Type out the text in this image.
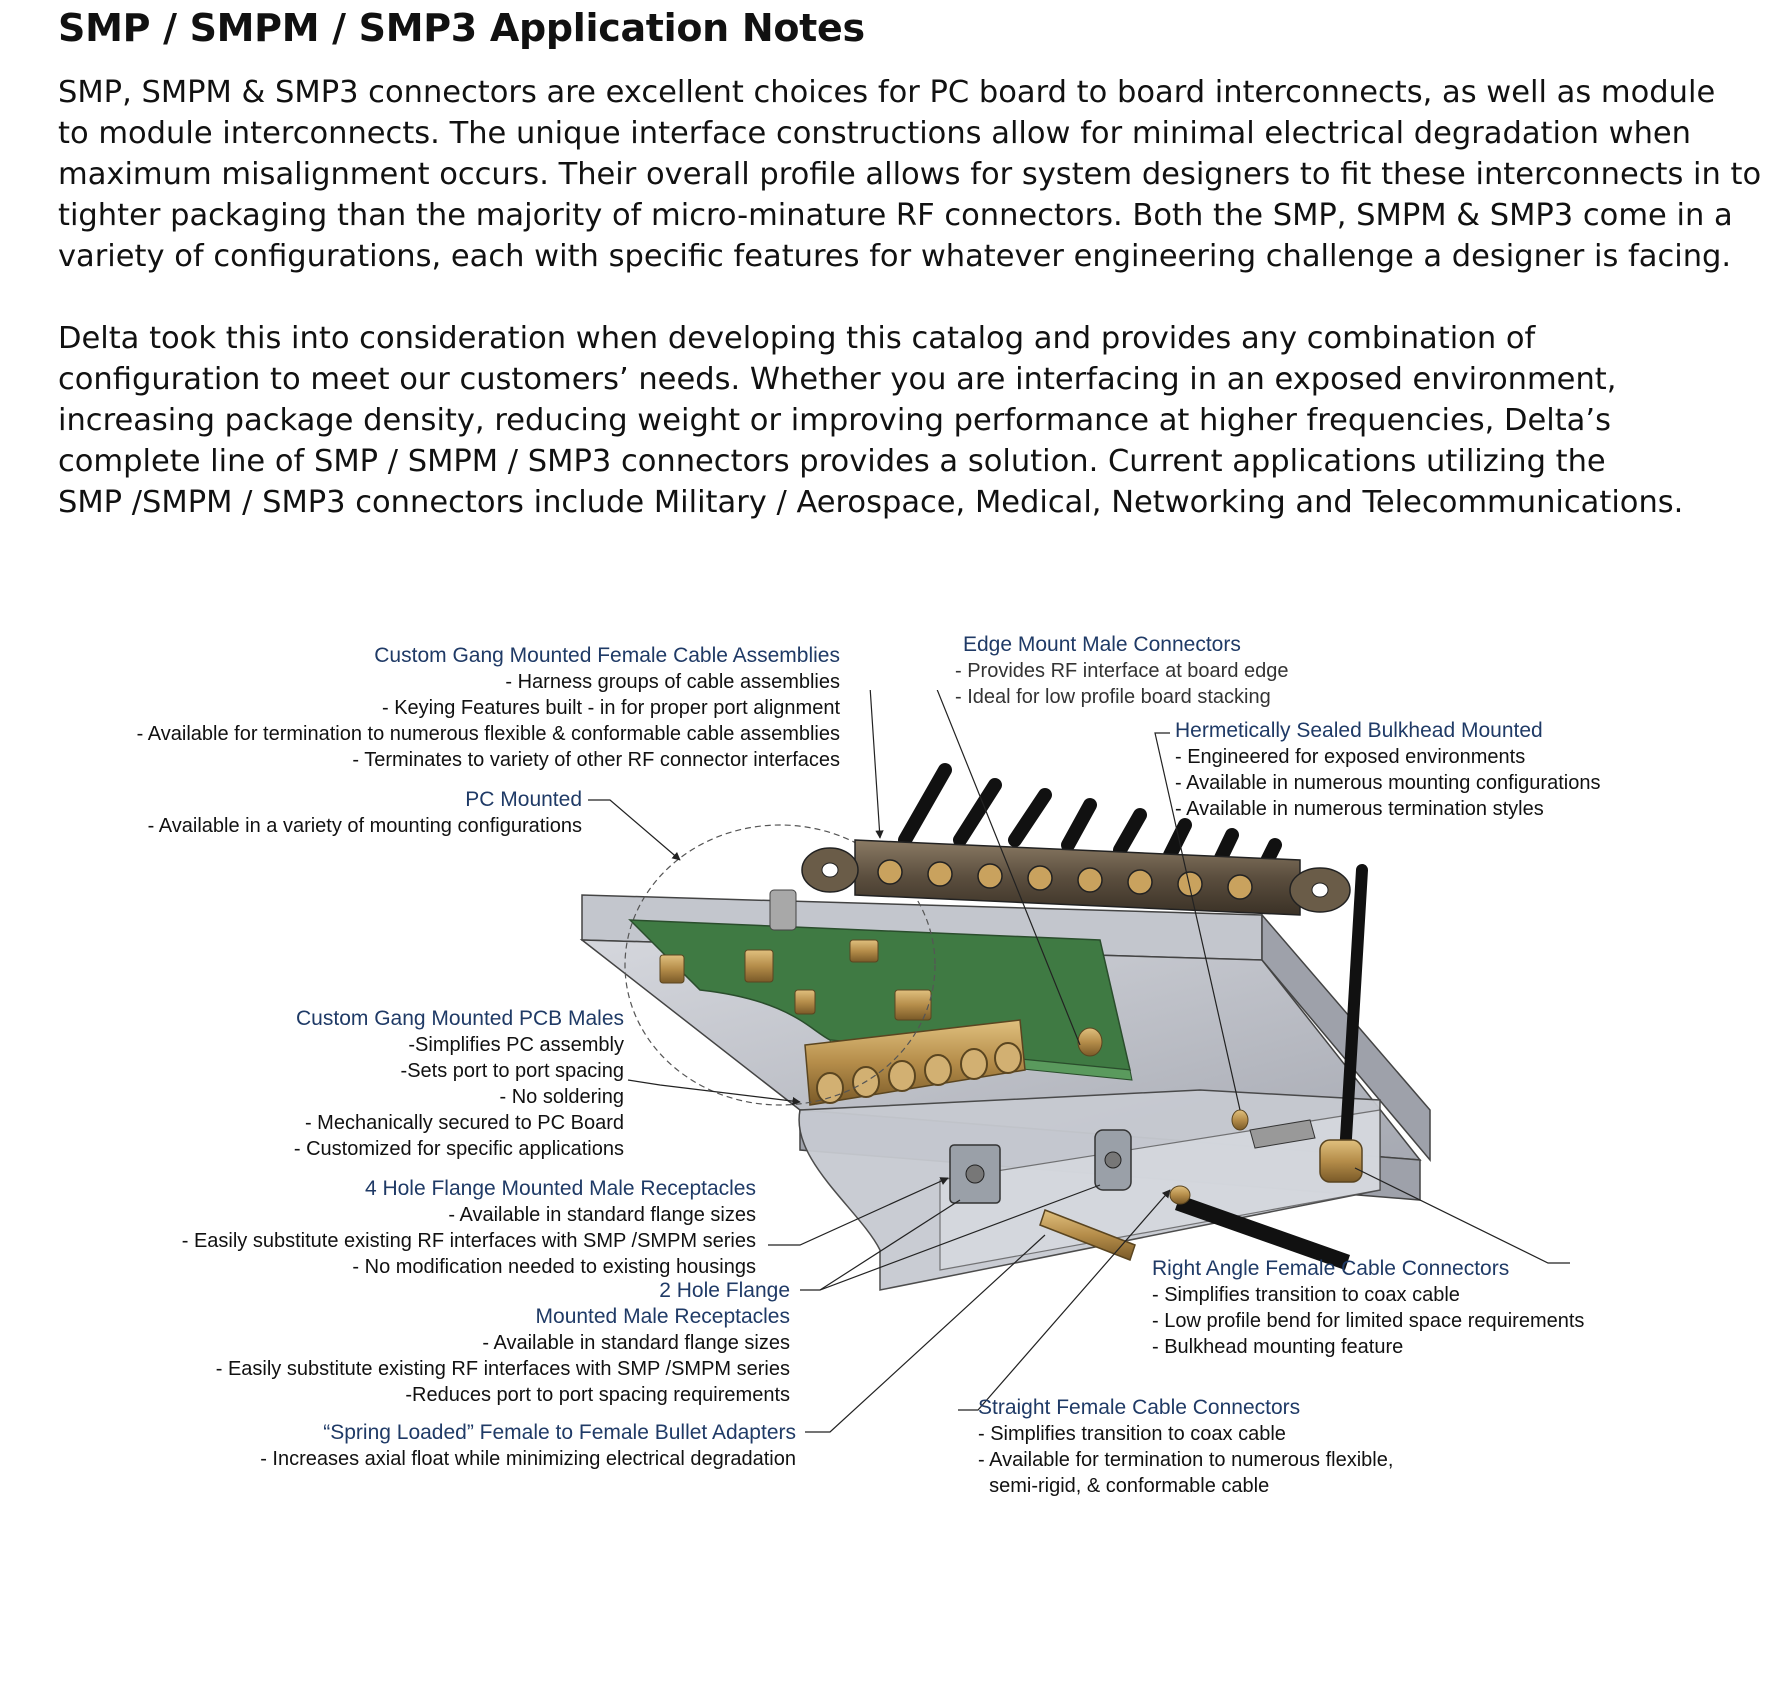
SMP / SMPM / SMP3 Application Notes
SMP, SMPM & SMP3 connectors are excellent choices for PC board to board interconnects, as well as module
to module interconnects. The unique interface constructions allow for minimal electrical degradation when
maximum misalignment occurs. Their overall profile allows for system designers to fit these interconnects in to
tighter packaging than the majority of micro-minature RF connectors. Both the SMP, SMPM & SMP3 come in a
variety of configurations, each with specific features for whatever engineering challenge a designer is facing.
Delta took this into consideration when developing this catalog and provides any combination of
configuration to meet our customers’ needs. Whether you are interfacing in an exposed environment,
increasing package density, reducing weight or improving performance at higher frequencies, Delta’s
complete line of SMP / SMPM / SMP3 connectors provides a solution. Current applications utilizing the
SMP /SMPM / SMP3 connectors include Military / Aerospace, Medical, Networking and Telecommunications.
Custom Gang Mounted Female Cable Assemblies
- Harness groups of cable assemblies
- Keying Features built - in for proper port alignment
- Available for termination to numerous flexible & conformable cable assemblies
- Terminates to variety of other RF connector interfaces
PC Mounted
- Available in a variety of mounting configurations
Custom Gang Mounted PCB Males
-Simplifies PC assembly
-Sets port to port spacing
- No soldering
- Mechanically secured to PC Board
- Customized for specific applications
4 Hole Flange Mounted Male Receptacles
- Available in standard flange sizes
- Easily substitute existing RF interfaces with SMP /SMPM series
- No modification needed to existing housings
2 Hole Flange
Mounted Male Receptacles
- Available in standard flange sizes
- Easily substitute existing RF interfaces with SMP /SMPM series
-Reduces port to port spacing requirements
“Spring Loaded” Female to Female Bullet Adapters
- Increases axial float while minimizing electrical degradation
Edge Mount Male Connectors
- Provides RF interface at board edge
- Ideal for low profile board stacking
Hermetically Sealed Bulkhead Mounted
- Engineered for exposed environments
- Available in numerous mounting configurations
- Available in numerous termination styles
Right Angle Female Cable Connectors
- Simplifies transition to coax cable
- Low profile bend for limited space requirements
- Bulkhead mounting feature
Straight Female Cable Connectors
- Simplifies transition to coax cable
- Available for termination to numerous flexible,
semi-rigid, & conformable cable
